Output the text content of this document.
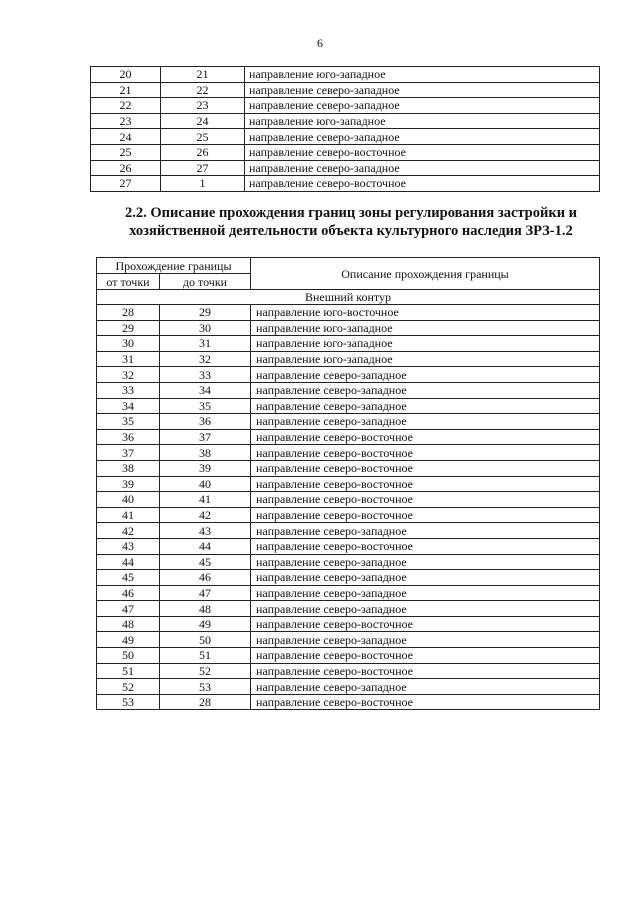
6
20	21	направление юго-западное
21	22	направление северо-западное
22	23	направление северо-западное
23	24	направление юго-западное
24	25	направление северо-западное
25	26	направление северо-восточное
26	27	направление северо-западное
27	1	направление северо-восточное
2.2. Описание прохождения границ зоны регулирования застройки и
хозяйственной деятельности объекта культурного наследия ЗРЗ-1.2
Прохождение границы		Описание прохождения границы
от точки	до точки	
Внешний контур		
28	29	направление юго-восточное
29	30	направление юго-западное
30	31	направление юго-западное
31	32	направление юго-западное
32	33	направление северо-западное
33	34	направление северо-западное
34	35	направление северо-западное
35	36	направление северо-западное
36	37	направление северо-восточное
37	38	направление северо-восточное
38	39	направление северо-восточное
39	40	направление северо-восточное
40	41	направление северо-восточное
41	42	направление северо-восточное
42	43	направление северо-западное
43	44	направление северо-восточное
44	45	направление северо-западное
45	46	направление северо-западное
46	47	направление северо-западное
47	48	направление северо-западное
48	49	направление северо-восточное
49	50	направление северо-западное
50	51	направление северо-восточное
51	52	направление северо-восточное
52	53	направление северо-западное
53	28	направление северо-восточное
